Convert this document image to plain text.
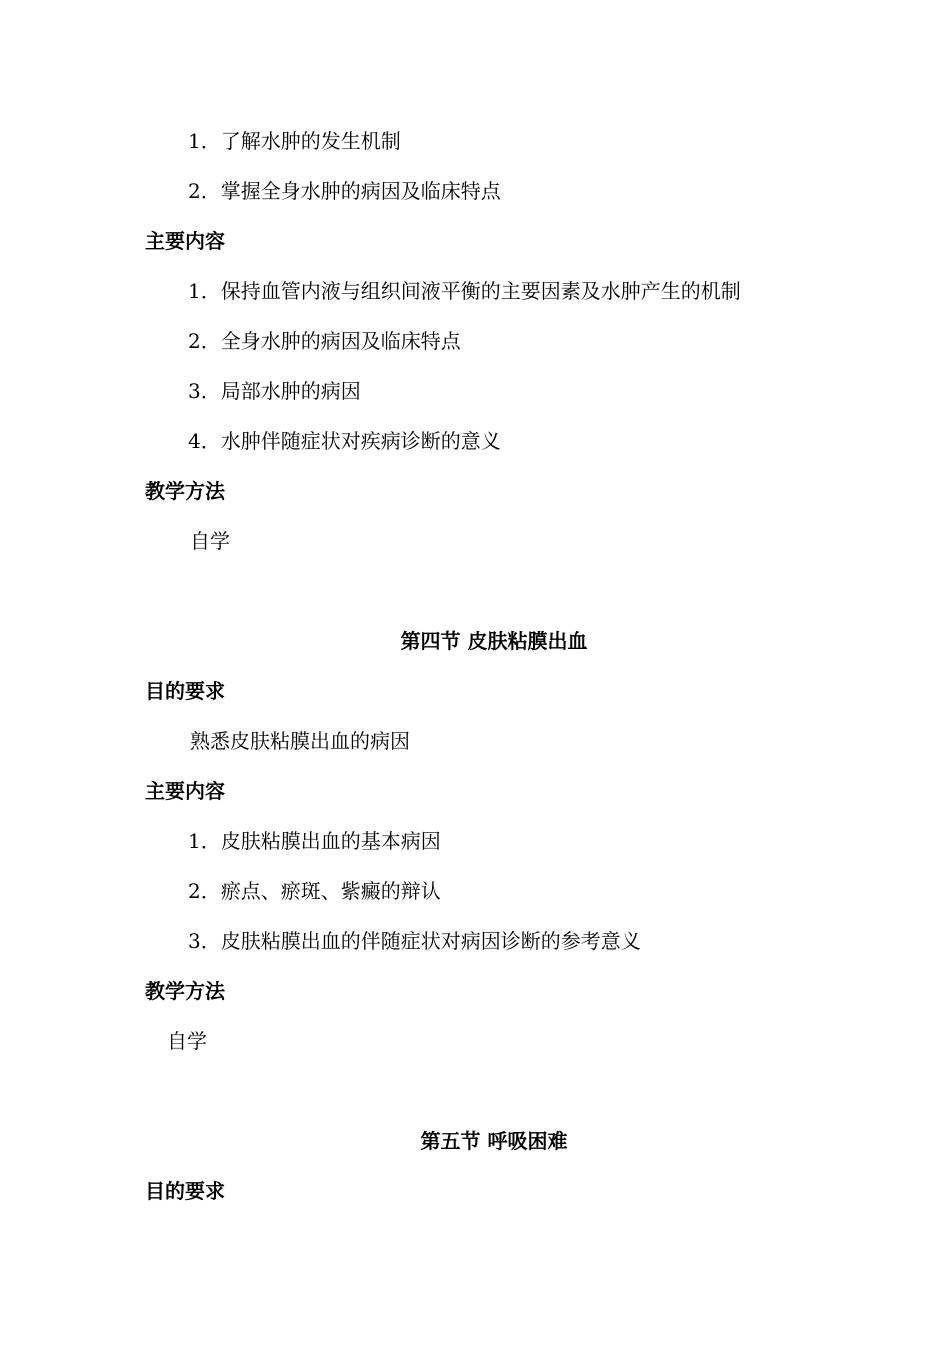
1．了解水肿的发生机制
2．掌握全身水肿的病因及临床特点
主要内容
1．保持血管内液与组织间液平衡的主要因素及水肿产生的机制
2．全身水肿的病因及临床特点
3．局部水肿的病因
4．水肿伴随症状对疾病诊断的意义
教学方法
自学
第四节 皮肤粘膜出血
目的要求
熟悉皮肤粘膜出血的病因
主要内容
1．皮肤粘膜出血的基本病因
2．瘀点、瘀斑、紫癜的辩认
3．皮肤粘膜出血的伴随症状对病因诊断的参考意义
教学方法
自学
第五节 呼吸困难
目的要求
